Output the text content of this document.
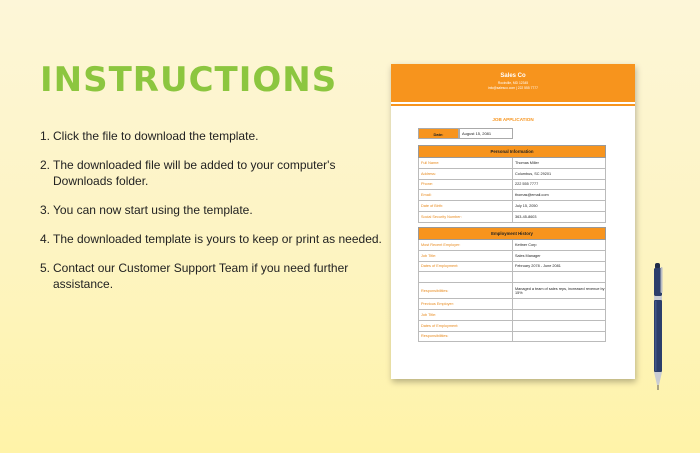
INSTRUCTIONS
1. Click the file to download the template.
2. The downloaded file will be added to your computer's Downloads folder.
3. You can now start using the template.
4. The downloaded template is yours to keep or print as needed.
5. Contact our Customer Support Team if you need further assistance.
Sales Co
Rockville, MD 12345
info@salesco.com | 222 555 7777
JOB APPLICATION
Date:	August 15, 2081
Personal Information	
Full Name:	Thomas Miller
Address:	Columbus, SC 29201
Phone:	222 555 7777
Email:	thomas@email.com
Date of Birth:	July 15, 2050
Social Security Number:	363-45-8603
Employment History	
Most Recent Employer:	Kettner Corp
Job Title:	Sales Manager
Dates of Employment:	February 2078 - June 2081

Responsibilities:	Managed a team of sales reps, increased revenue by 15%
Previous Employer:	
Job Title:	
Dates of Employment:	
Responsibilities:	
